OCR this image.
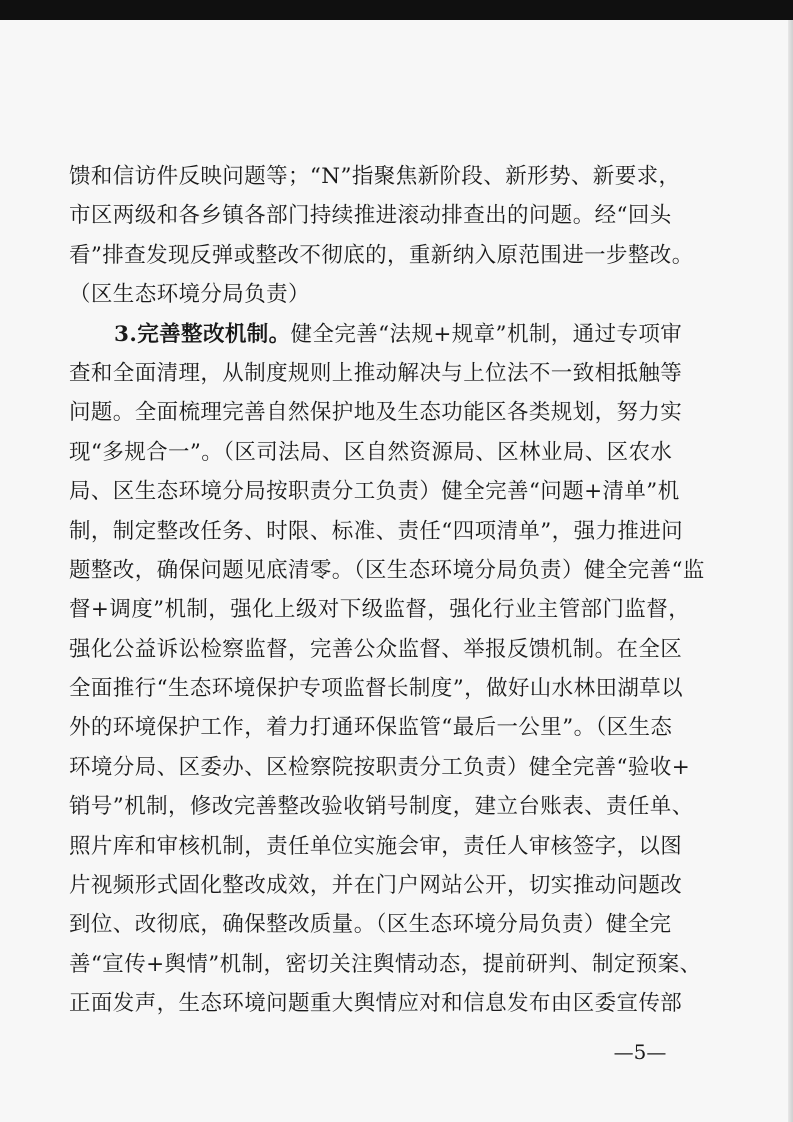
馈和信访件反映问题等；“N”指聚焦新阶段、新形势、新要求，
市区两级和各乡镇各部门持续推进滚动排查出的问题。经“回头
看”排查发现反弹或整改不彻底的，重新纳入原范围进一步整改。
（区生态环境分局负责）
3.完善整改机制。健全完善“法规+规章”机制，通过专项审
查和全面清理，从制度规则上推动解决与上位法不一致相抵触等
问题。全面梳理完善自然保护地及生态功能区各类规划，努力实
现“多规合一”。（区司法局、区自然资源局、区林业局、区农水
局、区生态环境分局按职责分工负责）健全完善“问题+清单”机
制，制定整改任务、时限、标准、责任“四项清单”，强力推进问
题整改，确保问题见底清零。（区生态环境分局负责）健全完善“监
督+调度”机制，强化上级对下级监督，强化行业主管部门监督，
强化公益诉讼检察监督，完善公众监督、举报反馈机制。在全区
全面推行“生态环境保护专项监督长制度”，做好山水林田湖草以
外的环境保护工作，着力打通环保监管“最后一公里”。（区生态
环境分局、区委办、区检察院按职责分工负责）健全完善“验收+
销号”机制，修改完善整改验收销号制度，建立台账表、责任单、
照片库和审核机制，责任单位实施会审，责任人审核签字，以图
片视频形式固化整改成效，并在门户网站公开，切实推动问题改
到位、改彻底，确保整改质量。（区生态环境分局负责）健全完
善“宣传+舆情”机制，密切关注舆情动态，提前研判、制定预案、
正面发声，生态环境问题重大舆情应对和信息发布由区委宣传部
—5—
